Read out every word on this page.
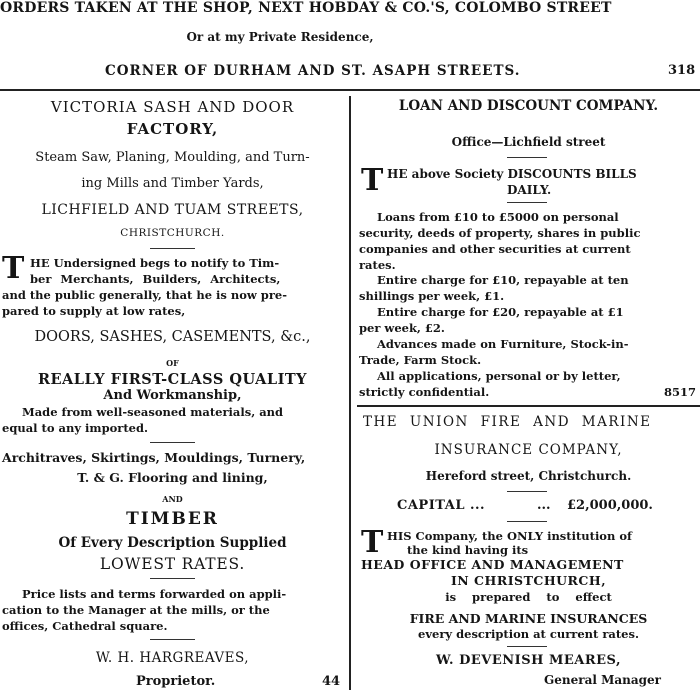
ORDERS TAKEN AT THE SHOP, NEXT HOBDAY & CO.'S, COLOMBO STREET
Or at my Private Residence,
CORNER OF DURHAM AND ST. ASAPH STREETS.	318
VICTORIA SASH AND DOOR
FACTORY,
Steam Saw, Planing, Moulding, and Turn-
ing Mills and Timber Yards,
LICHFIELD AND TUAM STREETS,
CHRISTCHURCH.
T HE Undersigned begs to notify to Tim-
ber Merchants, Builders, Architects,
and the public generally, that he is now pre-
pared to supply at low rates,
DOORS, SASHES, CASEMENTS, &c.,
OF
REALLY FIRST-CLASS QUALITY
And Workmanship,
Made from well-seasoned materials, and
equal to any imported.
Architraves, Skirtings, Mouldings, Turnery,
T. & G. Flooring and lining,
AND
TIMBER
Of Every Description Supplied
LOWEST RATES.
Price lists and terms forwarded on appli-
cation to the Manager at the mills, or the
offices, Cathedral square.
W. H. HARGREAVES,
Proprietor.	44
LOAN AND DISCOUNT COMPANY.
Office—Lichfield street
T HE above Society DISCOUNTS BILLS
DAILY.
Loans from £10 to £5000 on personal
security, deeds of property, shares in public
companies and other securities at current
rates.
Entire charge for £10, repayable at ten
shillings per week, £1.
Entire charge for £20, repayable at £1
per week, £2.
Advances made on Furniture, Stock-in-
Trade, Farm Stock.
All applications, personal or by letter,
strictly confidential.	8517
THE UNION FIRE AND MARINE
INSURANCE COMPANY,
Hereford street, Christchurch.
CAPITAL ...	... £2,000,000.
T HIS Company, the ONLY institution of
the kind having its
HEAD OFFICE AND MANAGEMENT
IN CHRISTCHURCH,
is    prepared    to    effect
FIRE AND MARINE INSURANCES
every description at current rates.
W. DEVENISH MEARES,
General Manager
